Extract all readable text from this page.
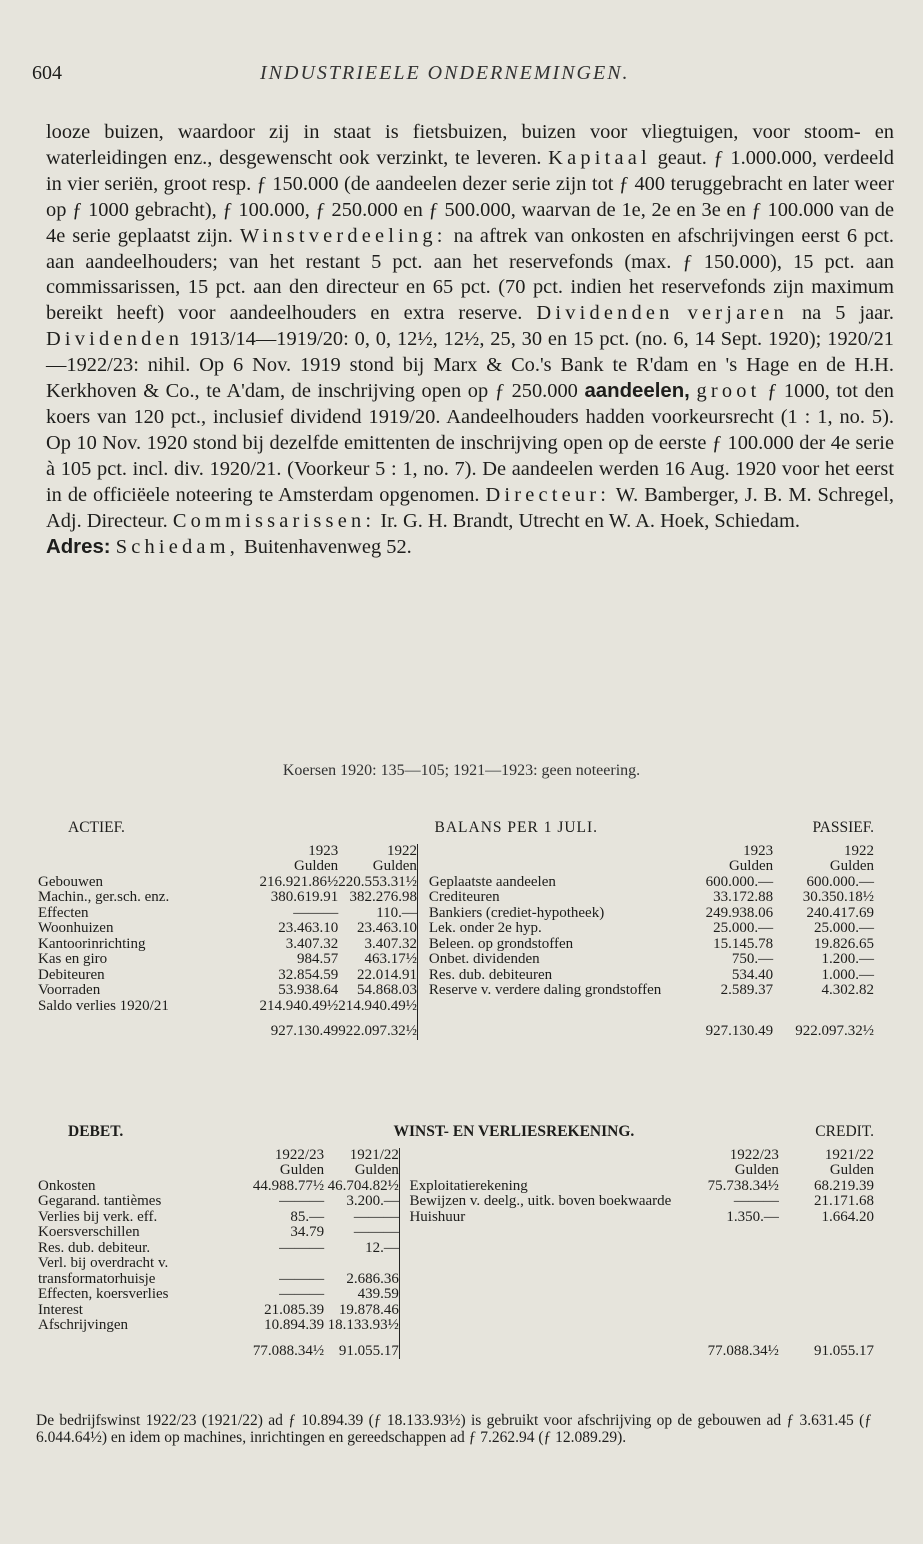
604	INDUSTRIEELE ONDERNEMINGEN.
looze buizen, waardoor zij in staat is fietsbuizen, buizen voor vliegtuigen, voor stoom- en waterleidingen enz., desgewenscht ook verzinkt, te leveren. Kapitaal geaut. ƒ 1.000.000, verdeeld in vier seriën, groot resp. ƒ 150.000 (de aandeelen dezer serie zijn tot ƒ 400 teruggebracht en later weer op ƒ 1000 gebracht), ƒ 100.000, ƒ 250.000 en ƒ 500.000, waarvan de 1e, 2e en 3e en ƒ 100.000 van de 4e serie geplaatst zijn. Winstverdeeling: na aftrek van onkosten en afschrijvingen eerst 6 pct. aan aandeelhouders; van het restant 5 pct. aan het reservefonds (max. ƒ 150.000), 15 pct. aan commissarissen, 15 pct. aan den directeur en 65 pct. (70 pct. indien het reservefonds zijn maximum bereikt heeft) voor aandeelhouders en extra reserve. Dividenden verjaren na 5 jaar. Dividenden 1913/14—1919/20: 0, 0, 12½, 12½, 25, 30 en 15 pct. (no. 6, 14 Sept. 1920); 1920/21—1922/23: nihil. Op 6 Nov. 1919 stond bij Marx & Co.'s Bank te R'dam en 's Hage en de H.H. Kerkhoven & Co., te A'dam, de inschrijving open op ƒ 250.000 aandeelen, groot ƒ 1000, tot den koers van 120 pct., inclusief dividend 1919/20. Aandeelhouders hadden voorkeursrecht (1 : 1, no. 5). Op 10 Nov. 1920 stond bij dezelfde emittenten de inschrijving open op de eerste ƒ 100.000 der 4e serie à 105 pct. incl. div. 1920/21. (Voorkeur 5 : 1, no. 7). De aandeelen werden 16 Aug. 1920 voor het eerst in de officiëele noteering te Amsterdam opgenomen. Directeur: W. Bamberger, J. B. M. Schregel, Adj. Directeur. Commissarissen: Ir. G. H. Brandt, Utrecht en W. A. Hoek, Schiedam.
Adres: Schiedam, Buitenhavenweg 52.
Koersen 1920: 135—105; 1921—1923: geen noteering.
ACTIEF.	BALANS PER 1 JULI.					PASSIEF.
	1923	1922			1923	1922
	Gulden	Gulden			Gulden	Gulden
Gebouwen	216.921.86½	220.553.31½		Geplaatste aandeelen	600.000.—	600.000.—
Machin., ger.sch. enz.	380.619.91	382.276.98		Crediteuren	33.172.88	30.350.18½
Effecten	———	110.—		Bankiers (crediet-hypotheek)	249.938.06	240.417.69
Woonhuizen	23.463.10	23.463.10		Lek. onder 2e hyp.	25.000.—	25.000.—
Kantoorinrichting	3.407.32	3.407.32		Beleen. op grondstoffen	15.145.78	19.826.65
Kas en giro	984.57	463.17½		Onbet. dividenden	750.—	1.200.—
Debiteuren	32.854.59	22.014.91		Res. dub. debiteuren	534.40	1.000.—
Voorraden	53.938.64	54.868.03		Reserve v. verdere daling grondstoffen	2.589.37	4.302.82
Saldo verlies 1920/21	214.940.49½	214.940.49½				
	927.130.49	922.097.32½			927.130.49	922.097.32½
DEBET.	WINST- EN VERLIESREKENING.					CREDIT.
	1922/23	1921/22			1922/23	1921/22
	Gulden	Gulden			Gulden	Gulden
Onkosten	44.988.77½	46.704.82½		Exploitatierekening	75.738.34½	68.219.39
Gegarand. tantièmes	———	3.200.—		Bewijzen v. deelg., uitk. boven boekwaarde	———	21.171.68
Verlies bij verk. eff.	85.—	———		Huishuur	1.350.—	1.664.20
Koersverschillen	34.79	———				
Res. dub. debiteur.	———	12.—				
Verl. bij overdracht v.						
transformatorhuisje	———	2.686.36				
Effecten, koersverlies	———	439.59				
Interest	21.085.39	19.878.46				
Afschrijvingen	10.894.39	18.133.93½				
	77.088.34½	91.055.17			77.088.34½	91.055.17
De bedrijfswinst 1922/23 (1921/22) ad ƒ 10.894.39 (ƒ 18.133.93½) is gebruikt voor afschrijving op de gebouwen ad ƒ 3.631.45 (ƒ 6.044.64½) en idem op machines, inrichtingen en gereedschappen ad ƒ 7.262.94 (ƒ 12.089.29).
